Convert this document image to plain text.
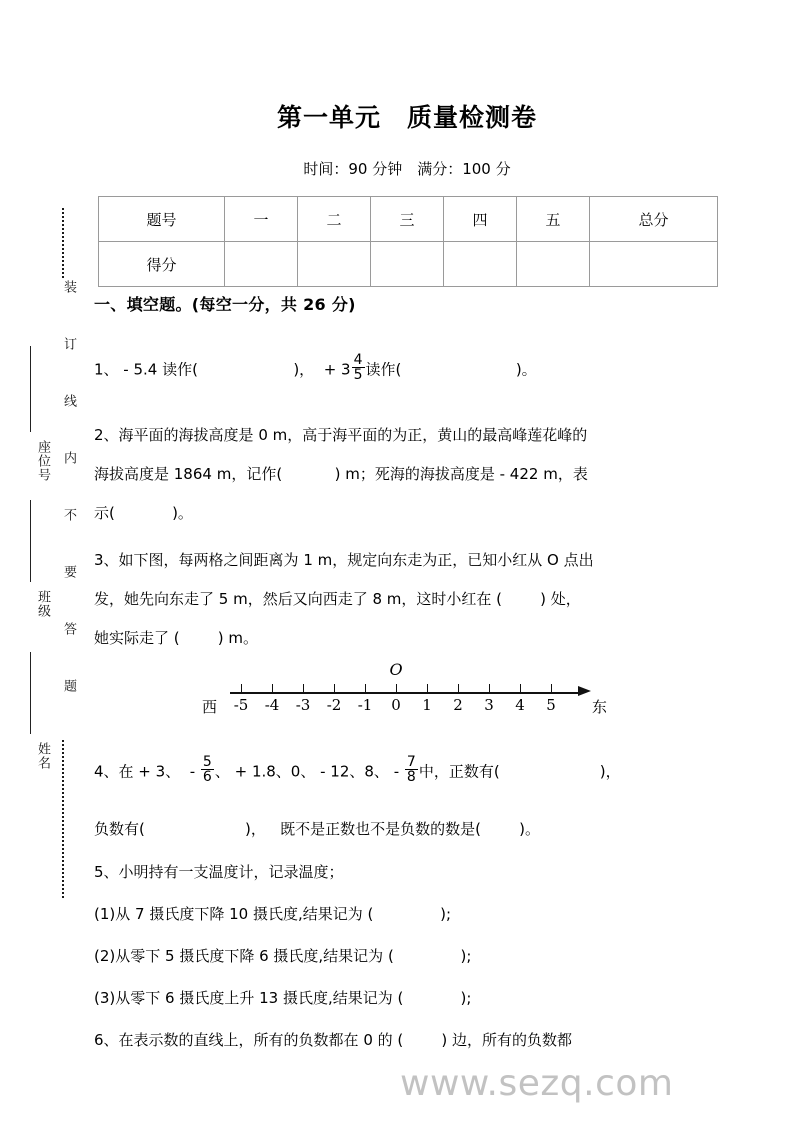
装订线内不要答题
座位号
班级
姓名
第一单元　质量检测卷
时间：90 分钟　满分：100 分
题号	一	二	三	四	五	总分
得分						
一、填空题。(每空一分，共 26 分)
1、 - 5.4 读作(                    )，  + $3 \frac{4}{5}$ 读作(                        )。
2、海平面的海拔高度是 0 m，高于海平面的为正，黄山的最高峰莲花峰的
海拔高度是 1864 m，记作(           ) m；死海的海拔高度是 - 422 m，表
示(            )。
3、如下图，每两格之间距离为 1 m，规定向东走为正，已知小红从 O 点出
发，她先向东走了 5 m，然后又向西走了 8 m，这时小红在 (        ) 处，
她实际走了 (        ) m。
O
西	东
-5	-4	-3	-2	-1	0	1	2	3	4	5
4、在 + 3、  - $\frac{5}{6}$ 、 + 1.8、0、 - 12、8、 - $\frac{7}{8}$ 中，正数有(                     )，
负数有(                     )，   既不是正数也不是负数的数是(        )。
5、小明持有一支温度计，记录温度；
(1)从 7 摄氏度下降 10 摄氏度,结果记为 (              );
(2)从零下 5 摄氏度下降 6 摄氏度,结果记为 (              );
(3)从零下 6 摄氏度上升 13 摄氏度,结果记为 (            );
6、在表示数的直线上，所有的负数都在 0 的 (        ) 边，所有的负数都
www.sezq.com
